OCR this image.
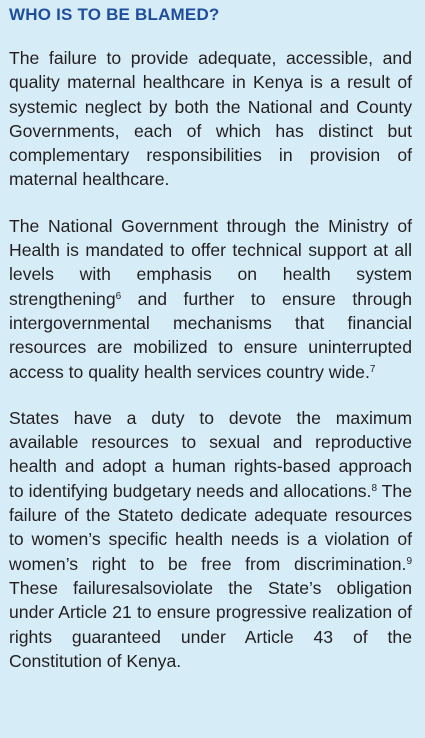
WHO IS TO BE BLAMED?

The failure to provide adequate, accessible, and quality maternal healthcare in Kenya is a result of systemic neglect by both the National and County Governments, each of which has distinct but complementary responsibilities in provision of maternal healthcare.

The National Government through the Ministry of Health is mandated to offer technical support at all levels with emphasis on health system strengthening$^6$ and further to ensure through intergovernmental mechanisms that financial resources are mobilized to ensure uninterrupted access to quality health services country wide.$^7$

States have a duty to devote the maximum available resources to sexual and reproductive health and adopt a human rights-based approach to identifying budgetary needs and allocations.$^8$ The failure of the Stateto dedicate adequate resources to women’s specific health needs is a violation of women’s right to be free from discrimination.$^9$ These failuresalsoviolate the State’s obligation under Article 21 to ensure progressive realization of rights guaranteed under Article 43 of the Constitution of Kenya.
